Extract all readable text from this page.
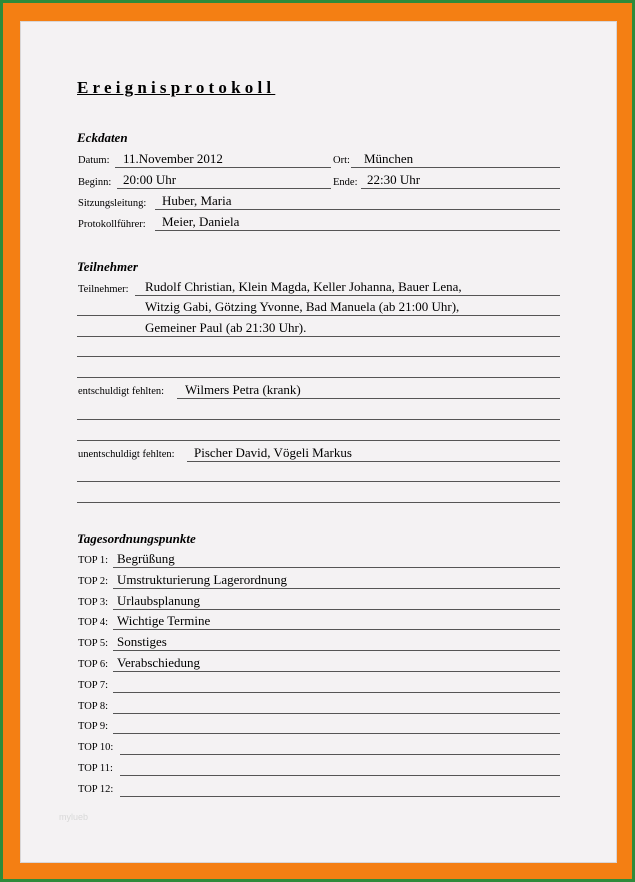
Ereignisprotokoll
Eckdaten
Datum: 11.November 2012	Ort: München
Beginn: 20:00 Uhr	Ende: 22:30 Uhr
Sitzungsleitung: Huber, Maria
Protokollführer: Meier, Daniela
Teilnehmer
Teilnehmer: Rudolf Christian, Klein Magda, Keller Johanna, Bauer Lena,
Witzig Gabi, Götzing Yvonne, Bad Manuela (ab 21:00 Uhr),
Gemeiner Paul (ab 21:30 Uhr).
entschuldigt fehlten: Wilmers Petra (krank)
unentschuldigt fehlten: Pischer David, Vögeli Markus
Tagesordnungspunkte
TOP 1: Begrüßung
TOP 2: Umstrukturierung Lagerordnung
TOP 3: Urlaubsplanung
TOP 4: Wichtige Termine
TOP 5: Sonstiges
TOP 6: Verabschiedung
TOP 7:
TOP 8:
TOP 9:
TOP 10:
TOP 11:
TOP 12:
mylueb
